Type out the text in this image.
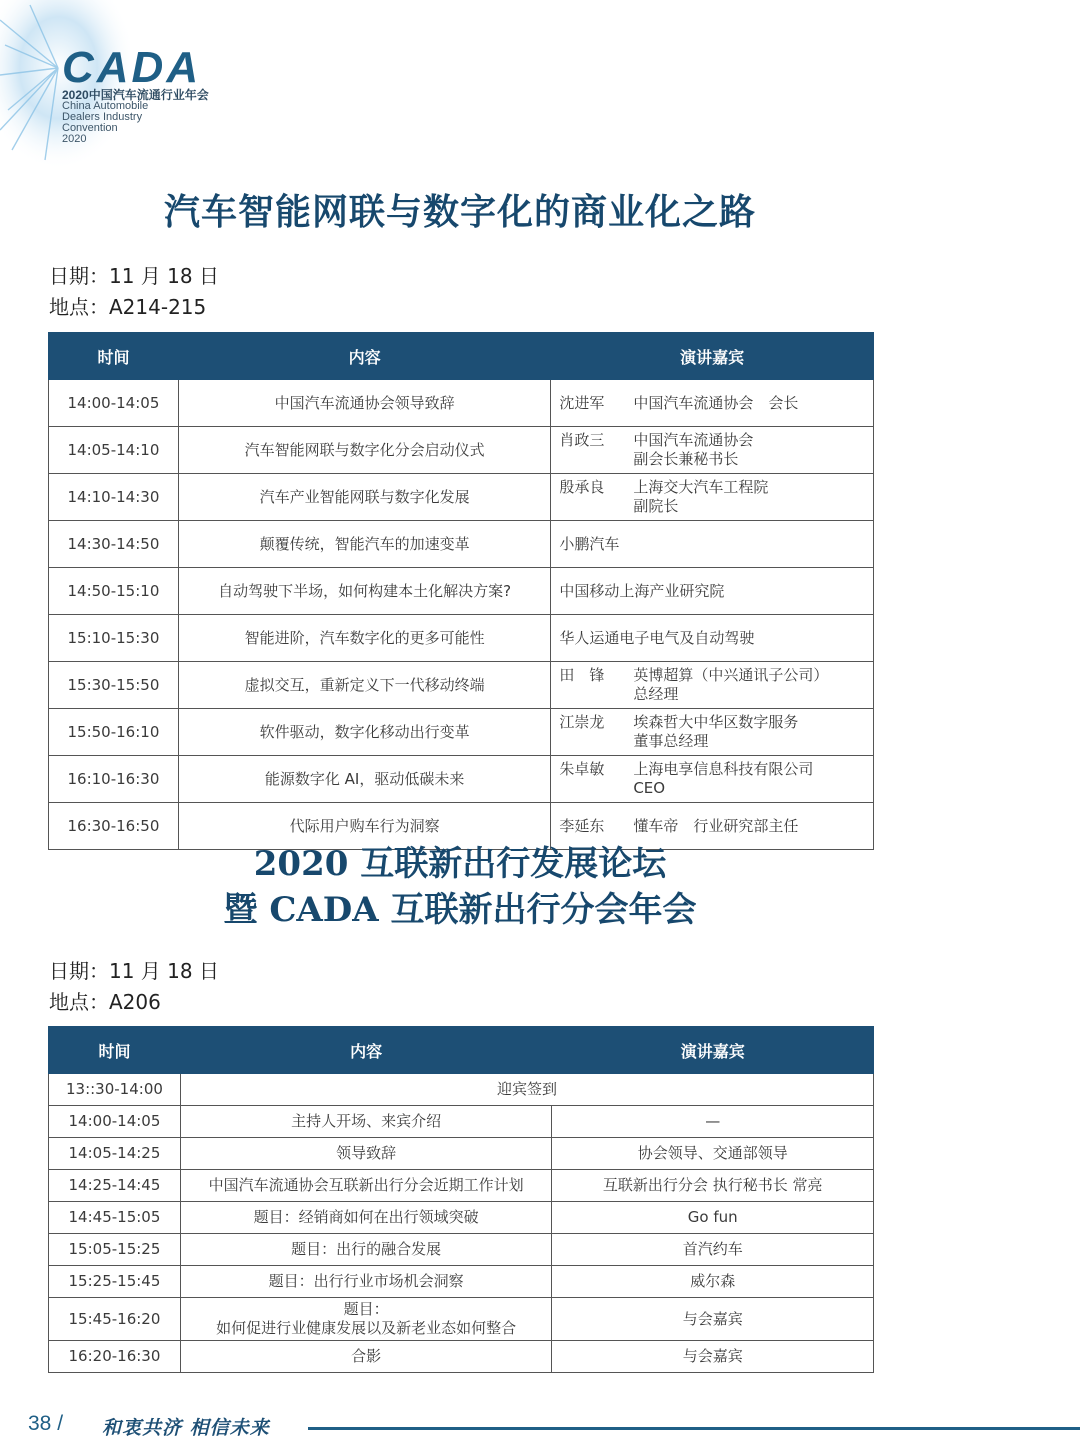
CADA
2020中国汽车流通行业年会
China Automobile
Dealers Industry
Convention
2020
汽车智能网联与数字化的商业化之路
日期：11 月 18 日
地点：A214-215
时间	内容	演讲嘉宾
14:00-14:05	中国汽车流通协会领导致辞	沈进军 中国汽车流通协会　会长

14:05-14:10	汽车智能网联与数字化分会启动仪式	肖政三 中国汽车流通协会
副会长兼秘书长

14:10-14:30	汽车产业智能网联与数字化发展	殷承良 上海交大汽车工程院
副院长

14:30-14:50	颠覆传统，智能汽车的加速变革	小鹏汽车

14:50-15:10	自动驾驶下半场，如何构建本土化解决方案?	中国移动上海产业研究院

15:10-15:30	智能进阶，汽车数字化的更多可能性	华人运通电子电气及自动驾驶

15:30-15:50	虚拟交互，重新定义下一代移动终端	田　锋 英博超算（中兴通讯子公司）
总经理

15:50-16:10	软件驱动，数字化移动出行变革	江崇龙 埃森哲大中华区数字服务
董事总经理

16:10-16:30	能源数字化 AI，驱动低碳未来	朱卓敏 上海电享信息科技有限公司
CEO

16:30-16:50	代际用户购车行为洞察	李延东 懂车帝　行业研究部主任
2020 互联新出行发展论坛
暨 CADA 互联新出行分会年会
日期：11 月 18 日
地点：A206
时间	内容	演讲嘉宾
13::30-14:00	迎宾签到	
14:00-14:05	主持人开场、来宾介绍	—
14:05-14:25	领导致辞	协会领导、交通部领导
14:25-14:45	中国汽车流通协会互联新出行分会近期工作计划	互联新出行分会 执行秘书长 常亮
14:45-15:05	题目：经销商如何在出行领域突破	Go fun
15:05-15:25	题目：出行的融合发展	首汽约车
15:25-15:45	题目：出行行业市场机会洞察	威尔森
15:45-16:20	题目：
如何促进行业健康发展以及新老业态如何整合	与会嘉宾
16:20-16:30	合影	与会嘉宾
38 / 和衷共济 相信未来
